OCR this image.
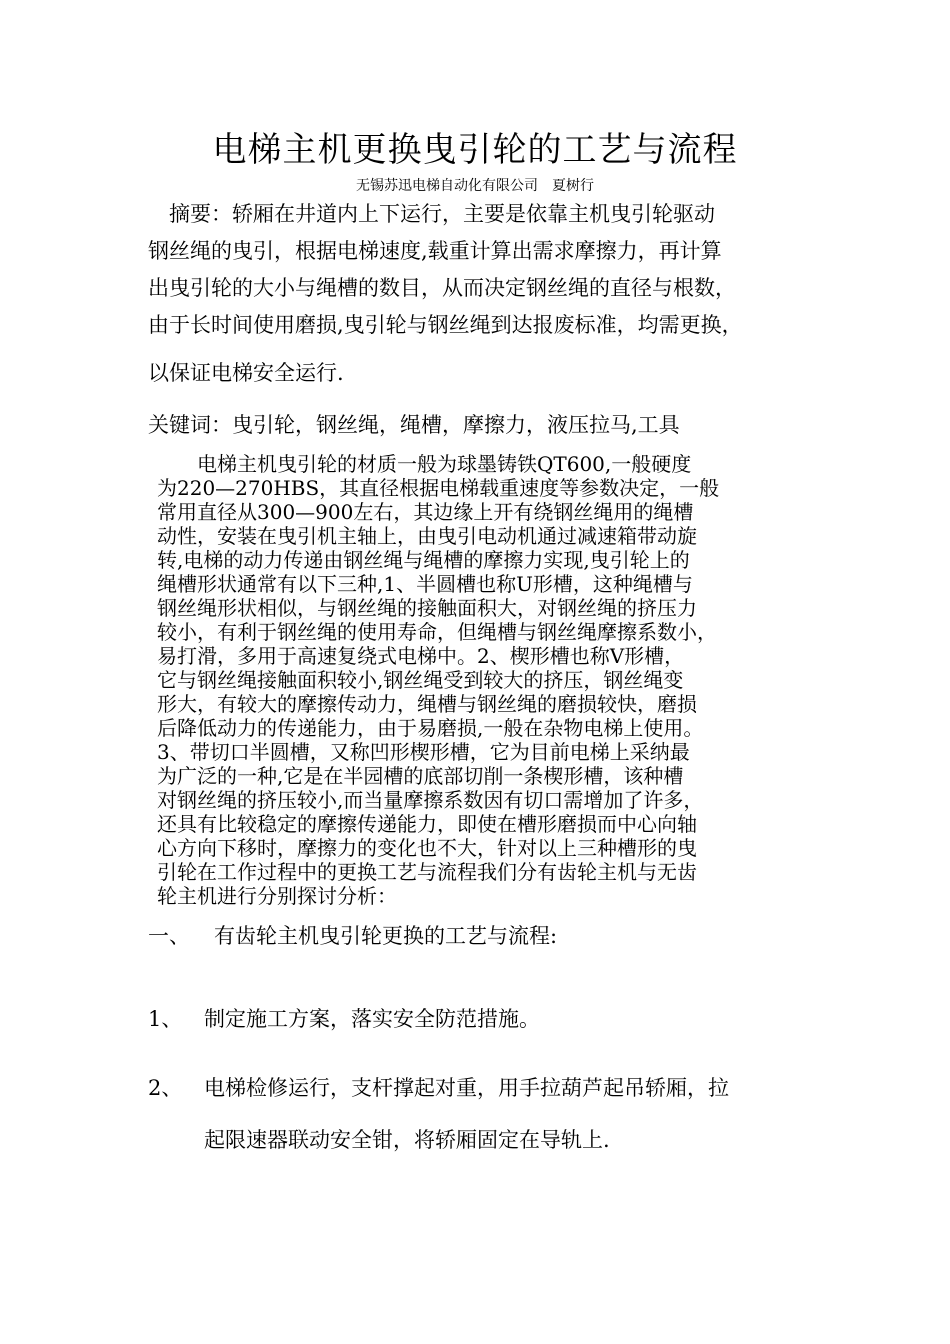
电梯主机更换曳引轮的工艺与流程
无锡苏迅电梯自动化有限公司　夏树行
　摘要：轿厢在井道内上下运行，主要是依靠主机曳引轮驱动
钢丝绳的曳引，根据电梯速度,载重计算出需求摩擦力，再计算
出曳引轮的大小与绳槽的数目，从而决定钢丝绳的直径与根数，
由于长时间使用磨损,曳引轮与钢丝绳到达报废标准，均需更换，
以保证电梯安全运行.
关键词：曳引轮，钢丝绳，绳槽，摩擦力，液压拉马,工具
　　电梯主机曳引轮的材质一般为球墨铸铁QT600,一般硬度
为220—270HBS，其直径根据电梯载重速度等参数决定，一般
常用直径从300—900左右，其边缘上开有绕钢丝绳用的绳槽
动性，安装在曳引机主轴上，由曳引电动机通过减速箱带动旋
转,电梯的动力传递由钢丝绳与绳槽的摩擦力实现,曳引轮上的
绳槽形状通常有以下三种,1、半圆槽也称U形槽，这种绳槽与
钢丝绳形状相似，与钢丝绳的接触面积大，对钢丝绳的挤压力
较小，有利于钢丝绳的使用寿命，但绳槽与钢丝绳摩擦系数小，
易打滑，多用于高速复绕式电梯中。2、楔形槽也称V形槽，
它与钢丝绳接触面积较小,钢丝绳受到较大的挤压，钢丝绳变
形大，有较大的摩擦传动力，绳槽与钢丝绳的磨损较快，磨损
后降低动力的传递能力，由于易磨损,一般在杂物电梯上使用。
3、带切口半圆槽，又称凹形楔形槽，它为目前电梯上采纳最
为广泛的一种,它是在半园槽的底部切削一条楔形槽，该种槽
对钢丝绳的挤压较小,而当量摩擦系数因有切口需增加了许多，
还具有比较稳定的摩擦传递能力，即使在槽形磨损而中心向轴
心方向下移时，摩擦力的变化也不大，针对以上三种槽形的曳
引轮在工作过程中的更换工艺与流程我们分有齿轮主机与无齿
轮主机进行分别探讨分析：
一、 有齿轮主机曳引轮更换的工艺与流程:
1、 制定施工方案，落实安全防范措施。
2、 电梯检修运行，支杆撑起对重，用手拉葫芦起吊轿厢，拉
起限速器联动安全钳，将轿厢固定在导轨上.
